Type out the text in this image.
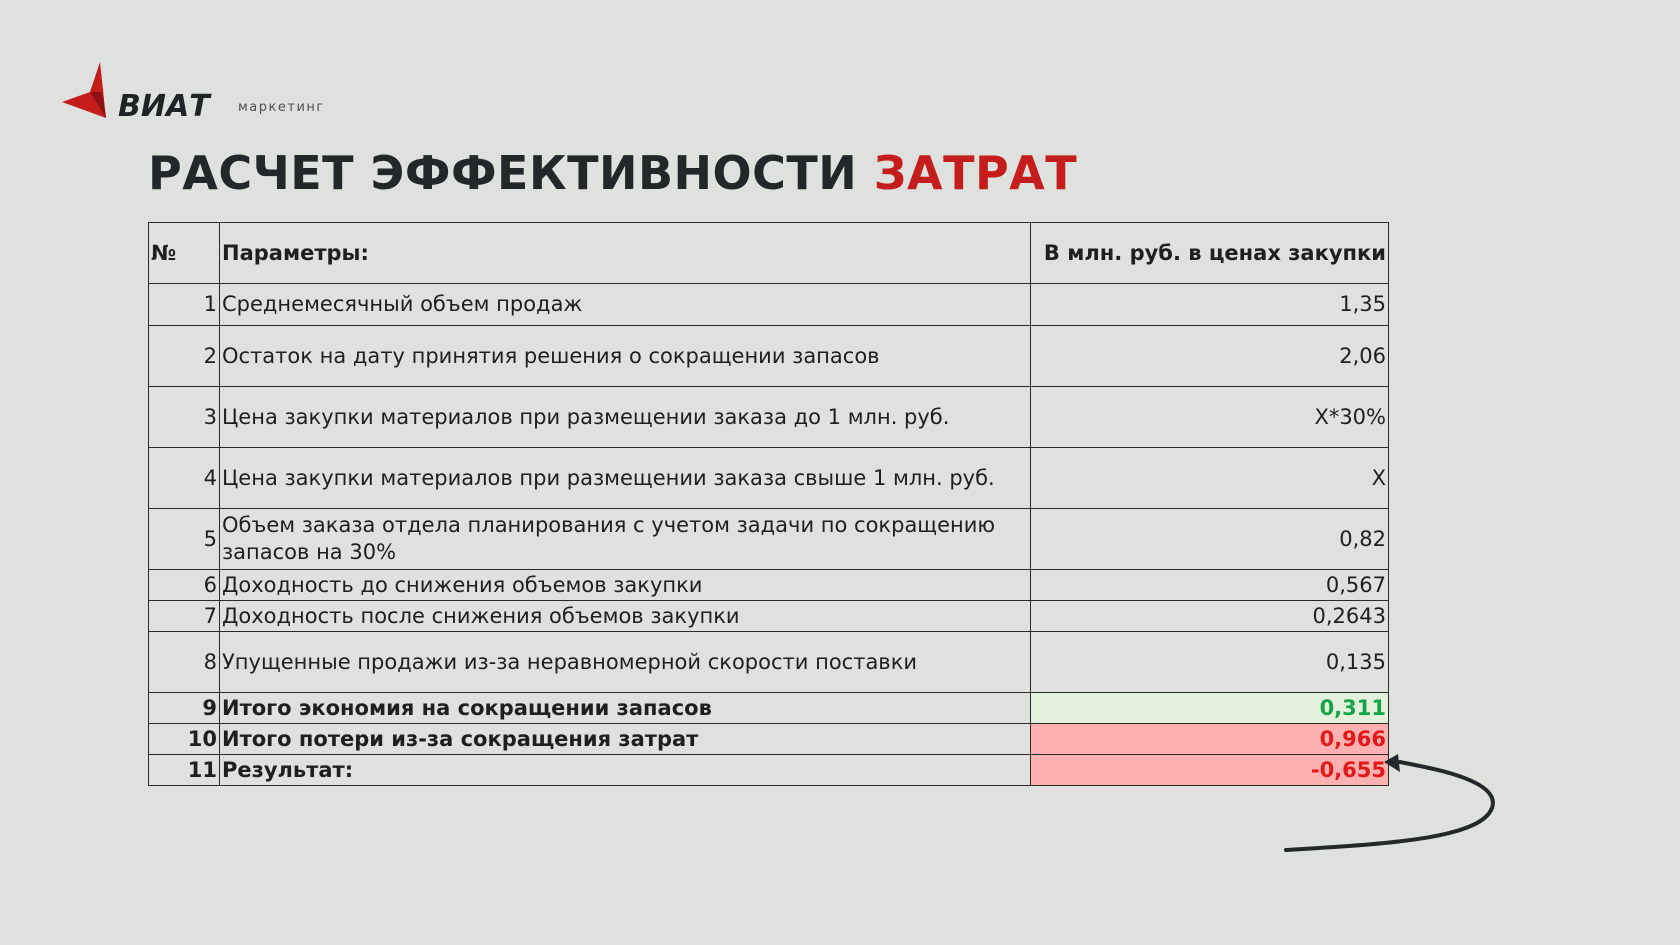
ВИАТ маркетинг
РАСЧЕТ ЭФФЕКТИВНОСТИ ЗАТРАТ
№	Параметры:	В млн. руб. в ценах закупки
1	Среднемесячный объем продаж	1,35
2	Остаток на дату принятия решения о сокращении запасов	2,06
3	Цена закупки материалов при размещении заказа до 1 млн. руб.	X*30%
4	Цена закупки материалов при размещении заказа свыше 1 млн. руб.	X
5	Объем заказа отдела планирования с учетом задачи по сокращению запасов на 30%	0,82
6	Доходность до снижения объемов закупки	0,567
7	Доходность после снижения объемов закупки	0,2643
8	Упущенные продажи из-за неравномерной скорости поставки	0,135
9	Итого экономия на сокращении запасов	0,311
10	Итого потери из-за сокращения затрат	0,966
11	Результат:	-0,655
